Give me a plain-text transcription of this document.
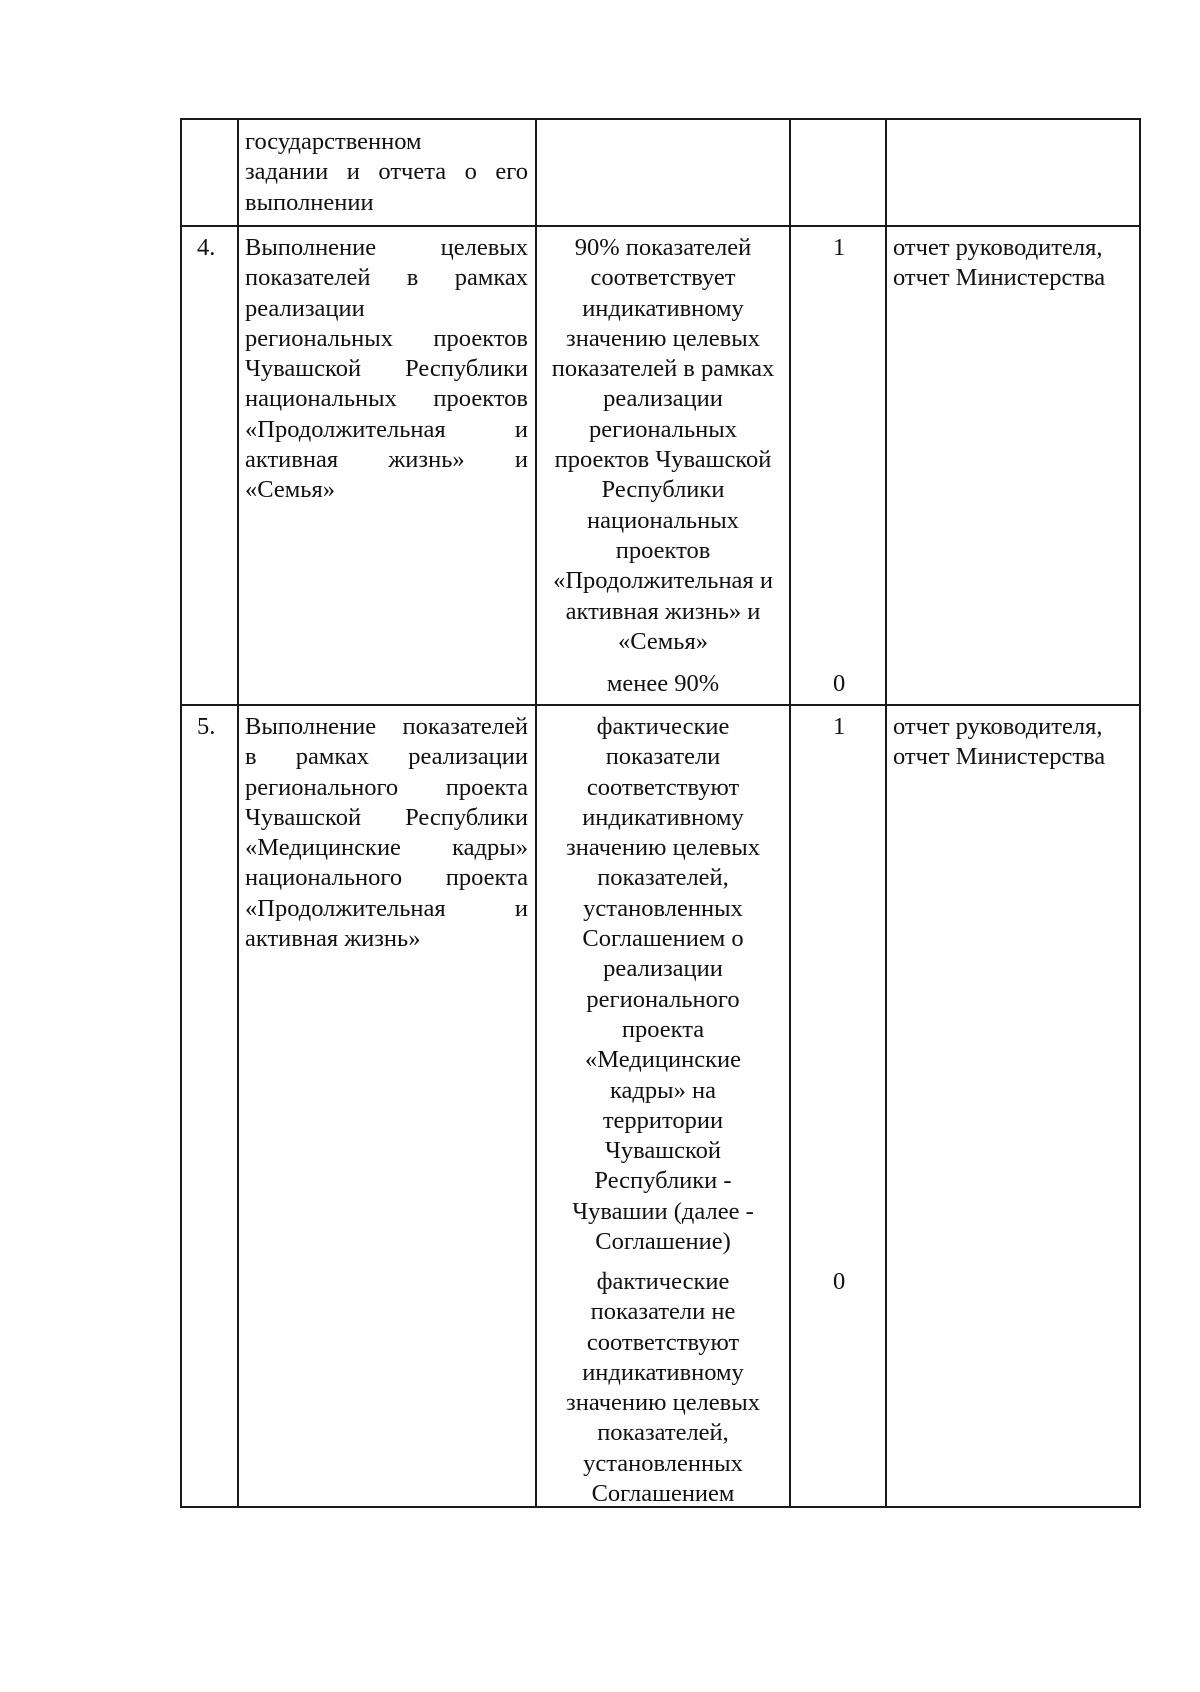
государственном
задании и отчета о его
выполнении
4. Выполнение целевых
показателей в рамках
реализации
региональных проектов
Чувашской Республики
национальных проектов
«Продолжительная и
активная жизнь» и
«Семья»
90% показателей
соответствует
индикативному
значению целевых
показателей в рамках
реализации
региональных
проектов Чувашской
Республики
национальных
проектов
«Продолжительная и
активная жизнь» и
«Семья»
1
менее 90%	0
отчет руководителя,
отчет Министерства
5. Выполнение показателей
в рамках реализации
регионального проекта
Чувашской Республики
«Медицинские кадры»
национального проекта
«Продолжительная и
активная жизнь»
фактические
показатели
соответствуют
индикативному
значению целевых
показателей,
установленных
Соглашением о
реализации
регионального
проекта
«Медицинские
кадры» на
территории
Чувашской
Республики -
Чувашии (далее -
Соглашение)
1
фактические
показатели не
соответствуют
индикативному
значению целевых
показателей,
установленных
Соглашением
0
отчет руководителя,
отчет Министерства
